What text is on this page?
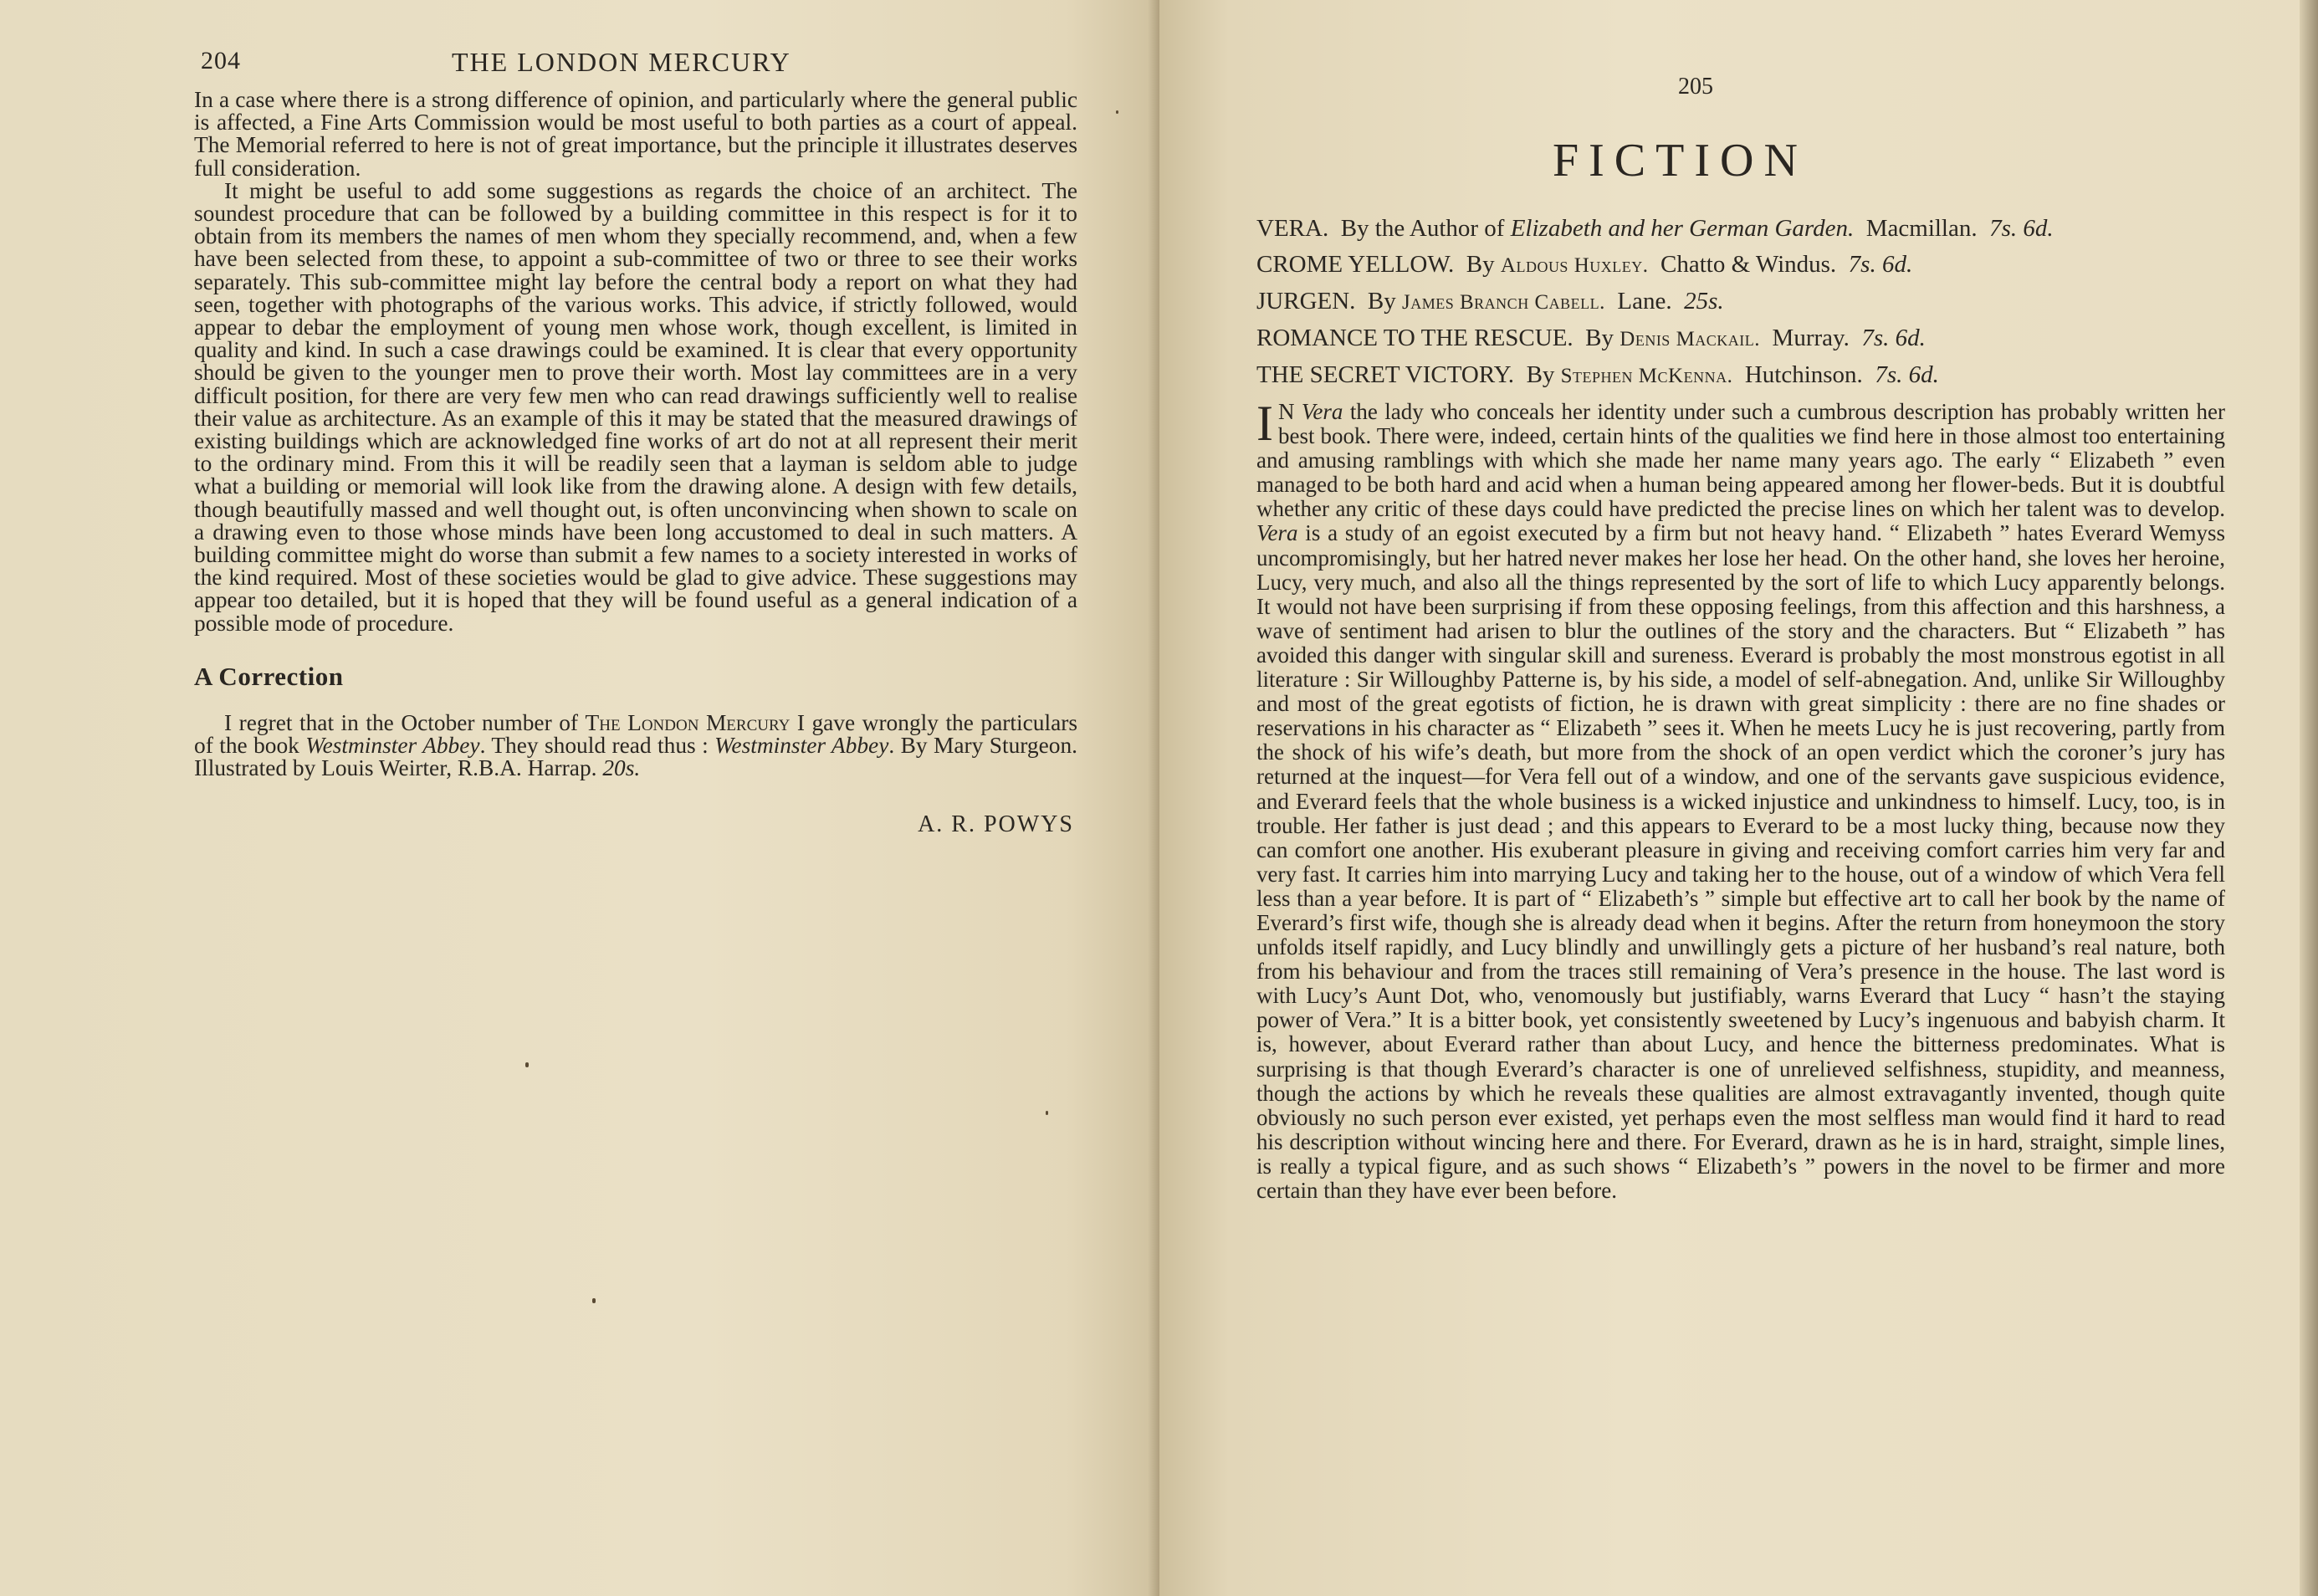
204	THE LONDON MERCURY

In a case where there is a strong difference of opinion, and particularly where the general public is affected, a Fine Arts Commission would be most useful to both parties as a court of appeal. The Memorial referred to here is not of great importance, but the principle it illustrates deserves full consideration.

It might be useful to add some suggestions as regards the choice of an architect. The soundest procedure that can be followed by a building committee in this respect is for it to obtain from its members the names of men whom they specially recommend, and, when a few have been selected from these, to appoint a sub-committee of two or three to see their works separately. This sub-committee might lay before the central body a report on what they had seen, together with photographs of the various works. This advice, if strictly followed, would appear to debar the employment of young men whose work, though excellent, is limited in quality and kind. In such a case drawings could be examined. It is clear that every opportunity should be given to the younger men to prove their worth. Most lay committees are in a very difficult position, for there are very few men who can read drawings sufficiently well to realise their value as architecture. As an example of this it may be stated that the measured drawings of existing buildings which are acknowledged fine works of art do not at all represent their merit to the ordinary mind. From this it will be readily seen that a layman is seldom able to judge what a building or memorial will look like from the drawing alone. A design with few details, though beautifully massed and well thought out, is often unconvincing when shown to scale on a drawing even to those whose minds have been long accustomed to deal in such matters. A building committee might do worse than submit a few names to a society interested in works of the kind required. Most of these societies would be glad to give advice. These suggestions may appear too detailed, but it is hoped that they will be found useful as a general indication of a possible mode of procedure.

A Correction

I regret that in the October number of The London Mercury I gave wrongly the particulars of the book Westminster Abbey. They should read thus : Westminster Abbey. By Mary Sturgeon. Illustrated by Louis Weirter, R.B.A. Harrap. 20s.

A. R. POWYS
205
FICTION
VERA. By the Author of Elizabeth and her German Garden. Macmillan. 7s. 6d.
CROME YELLOW. By Aldous Huxley. Chatto & Windus. 7s. 6d.
JURGEN. By James Branch Cabell. Lane. 25s.
ROMANCE TO THE RESCUE. By Denis Mackail. Murray. 7s. 6d.
THE SECRET VICTORY. By Stephen McKenna. Hutchinson. 7s. 6d.

I N Vera the lady who conceals her identity under such a cumbrous description has probably written her best book. There were, indeed, certain hints of the qualities we find here in those almost too entertaining and amusing ramblings with which she made her name many years ago. The early “ Elizabeth ” even managed to be both hard and acid when a human being appeared among her flower-beds. But it is doubtful whether any critic of these days could have predicted the precise lines on which her talent was to develop. Vera is a study of an egoist executed by a firm but not heavy hand. “ Elizabeth ” hates Everard Wemyss uncompromisingly, but her hatred never makes her lose her head. On the other hand, she loves her heroine, Lucy, very much, and also all the things represented by the sort of life to which Lucy apparently belongs. It would not have been surprising if from these opposing feelings, from this affection and this harshness, a wave of sentiment had arisen to blur the outlines of the story and the characters. But “ Elizabeth ” has avoided this danger with singular skill and sureness. Everard is probably the most monstrous egotist in all literature : Sir Willoughby Patterne is, by his side, a model of self-abnegation. And, unlike Sir Willoughby and most of the great egotists of fiction, he is drawn with great simplicity : there are no fine shades or reservations in his character as “ Elizabeth ” sees it. When he meets Lucy he is just recovering, partly from the shock of his wife’s death, but more from the shock of an open verdict which the coroner’s jury has returned at the inquest—for Vera fell out of a window, and one of the servants gave suspicious evidence, and Everard feels that the whole business is a wicked injustice and unkindness to himself. Lucy, too, is in trouble. Her father is just dead ; and this appears to Everard to be a most lucky thing, because now they can comfort one another. His exuberant pleasure in giving and receiving comfort carries him very far and very fast. It carries him into marrying Lucy and taking her to the house, out of a window of which Vera fell less than a year before. It is part of “ Elizabeth’s ” simple but effective art to call her book by the name of Everard’s first wife, though she is already dead when it begins. After the return from honeymoon the story unfolds itself rapidly, and Lucy blindly and unwillingly gets a picture of her husband’s real nature, both from his behaviour and from the traces still remaining of Vera’s presence in the house. The last word is with Lucy’s Aunt Dot, who, venomously but justifiably, warns Everard that Lucy “ hasn’t the staying power of Vera.” It is a bitter book, yet consistently sweetened by Lucy’s ingenuous and babyish charm. It is, however, about Everard rather than about Lucy, and hence the bitterness predominates. What is surprising is that though Everard’s character is one of unrelieved selfishness, stupidity, and meanness, though the actions by which he reveals these qualities are almost extravagantly invented, though quite obviously no such person ever existed, yet perhaps even the most selfless man would find it hard to read his description without wincing here and there. For Everard, drawn as he is in hard, straight, simple lines, is really a typical figure, and as such shows “ Elizabeth’s ” powers in the novel to be firmer and more certain than they have ever been before.
